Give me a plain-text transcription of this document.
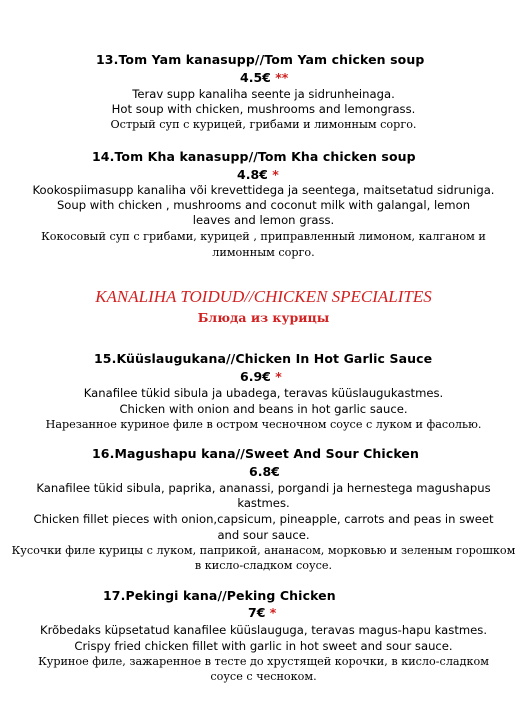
13.Tom Yam kanasupp//Tom Yam chicken soup
4.5€ **
Terav supp kanaliha seente ja sidrunheinaga.
Hot soup with chicken, mushrooms and lemongrass.
Острый суп с курицей, грибами и лимонным сорго.
14.Tom Kha kanasupp//Tom Kha chicken soup
4.8€ *
Kookospiimasupp kanaliha või krevettidega ja seentega, maitsetatud sidruniga.
Soup with chicken , mushrooms and coconut milk with galangal, lemon
leaves and lemon grass.
Кокосовый суп с грибами, курицей , приправленный лимоном, калганом и
лимонным сорго.
KANALIHA TOIDUD//CHICKEN SPECIALITES
Блюда из курицы
15.Küüslaugukana//Chicken In Hot Garlic Sauce
6.9€ *
Kanafilee tükid sibula ja ubadega, teravas küüslaugukastmes.
Chicken with onion and beans in hot garlic sauce.
Нарезанное куриное филе в остром чесночном соусе с луком и фасолью.
16.Magushapu kana//Sweet And Sour Chicken
6.8€
Kanafilee tükid sibula, paprika, ananassi, porgandi ja hernestega magushapus
kastmes.
Chicken fillet pieces with onion,capsicum, pineapple, carrots and peas in sweet
and sour sauce.
Кусочки филе курицы с луком, паприкой, ананасом, морковью и зеленым горошком
в кисло-сладком соусе.
17.Pekingi kana//Peking Chicken
7€ *
Krõbedaks küpsetatud kanafilee küüslauguga, teravas magus-hapu kastmes.
Crispy fried chicken fillet with garlic in hot sweet and sour sauce.
Куриное филе, зажаренное в тесте до хрустящей корочки, в кисло-сладком
соусе с чесноком.
